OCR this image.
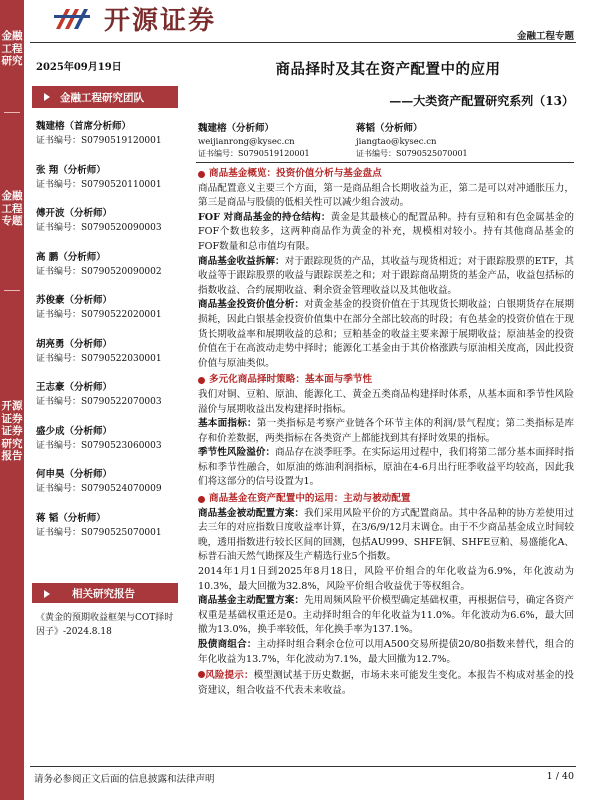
金融工程研究
金融工程专题
开源证券 证券研究报告
开源证券
金融工程专题
2025年09月19日
金融工程研究团队
魏建榕（首席分析师）
证书编号：S0790519120001
张 翔（分析师）
证书编号：S0790520110001
傅开波（分析师）
证书编号：S0790520090003
高 鹏（分析师）
证书编号：S0790520090002
苏俊豪（分析师）
证书编号：S0790522020001
胡亮勇（分析师）
证书编号：S0790522030001
王志豪（分析师）
证书编号：S0790522070003
盛少成（分析师）
证书编号：S0790523060003
何申昊（分析师）
证书编号：S0790524070009
蒋 韬（分析师）
证书编号：S0790525070001
相关研究报告
《黄金的预期收益框架与COT择时因子》-2024.8.18
商品择时及其在资产配置中的应用
——大类资产配置研究系列（13）
魏建榕（分析师）
weijianrong@kysec.cn
证书编号：S0790519120001
蒋韬（分析师）
jiangtao@kysec.cn
证书编号：S0790525070001
商品基金概览：投资价值分析与基金盘点
商品配置意义主要三个方面，第一是商品组合长期收益为正，第二是可以对冲通胀压力，第三是商品与股债的低相关性可以减少组合波动。
FOF 对商品基金的持仓结构：黄金是其最核心的配置品种。持有豆粕和有色金属基金的FOF个数也较多，这两种商品作为黄金的补充，规模相对较小。持有其他商品基金的FOF数量和总市值均有限。
商品基金收益拆解：对于跟踪现货的产品，其收益与现货相近；对于跟踪股票的ETF，其收益等于跟踪股票的收益与跟踪误差之和；对于跟踪商品期货的基金产品，收益包括标的指数收益、合约展期收益、剩余资金管理收益以及其他收益。
商品基金投资价值分析：对黄金基金的投资价值在于其现货长期收益；白银期货存在展期损耗，因此白银基金投资价值集中在部分全部比较高的时段；有色基金的投资价值在于现货长期收益率和展期收益的总和；豆粕基金的收益主要来源于展期收益；原油基金的投资价值在于在高波动走势中择时；能源化工基金由于其价格涨跌与原油相关度高，因此投资价值与原油类似。
多元化商品择时策略：基本面与季节性
我们对铜、豆粕、原油、能源化工、黄金五类商品构建择时体系，从基本面和季节性风险溢价与展期收益出发构建择时指标。
基本面指标：第一类指标是考察产业链各个环节主体的利润/景气程度；第二类指标是库存和价差数据，两类指标在各类资产上都能找到其有择时效果的指标。
季节性风险溢价：商品存在淡季旺季。在实际运用过程中，我们将第二部分基本面择时指标和季节性融合，如原油的炼油利润指标，原油在4-6月出行旺季收益平均较高，因此我们将这部分的信号设置为1。
商品基金在资产配置中的运用：主动与被动配置
商品基金被动配置方案：我们采用风险平价的方式配置商品。其中各品种的协方差使用过去三年的对应指数日度收益率计算，在3/6/9/12月末调仓。由于不少商品基金成立时间较晚，透用指数进行较长区间的回测，包括AU999、SHFE铜、SHFE豆粕、易盛能化A、标普石油天然气勘探及生产精选行业5个指数。
2014年1月1日到2025年8月18日，风险平价组合的年化收益为6.9%，年化波动为10.3%，最大回撤为32.8%，风险平价组合收益优于等权组合。
商品基金主动配置方案：先用周频风险平价模型确定基础权重，再根据信号，确定各资产权重是基础权重还是0。主动择时组合的年化收益为11.0%。年化波动为6.6%，最大回撤为13.0%，换手率较低，年化换手率为137.1%。
股债商组合：主动择时组合剩余仓位可以用A500交易所提债20/80指数来替代，组合的年化收益为13.7%，年化波动为7.1%，最大回撤为12.7%。
风险提示：模型测试基于历史数据，市场未来可能发生变化。本报告不构成对基金的投资建议，组合收益不代表未来收益。
请务必参阅正文后面的信息披露和法律声明	1 / 40
